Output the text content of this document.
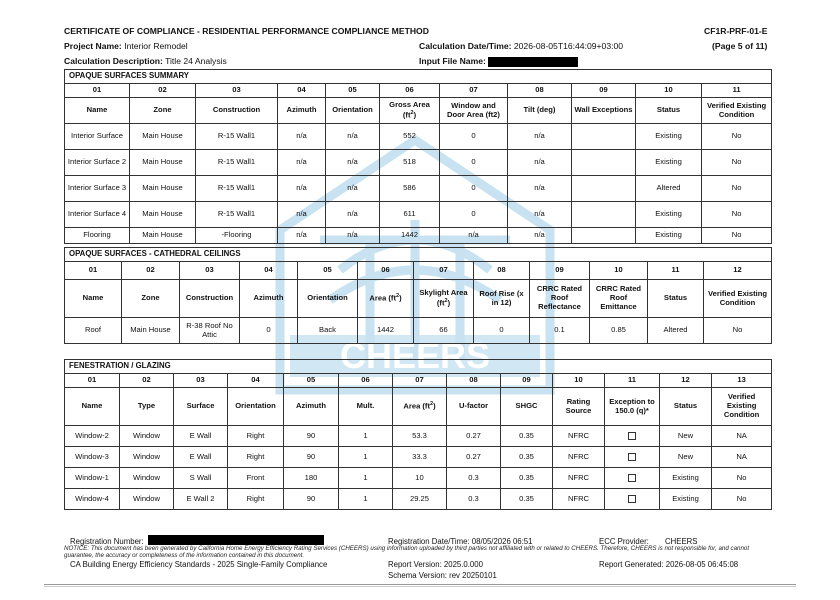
CHEERS
CERTIFICATE OF COMPLIANCE - RESIDENTIAL PERFORMANCE COMPLIANCE METHOD	CF1R-PRF-01-E
Project Name: Interior Remodel	Calculation Date/Time: 2026-08-05T16:44:09+03:00	(Page 5 of 11)
Calculation Description: Title 24 Analysis	Input File Name:
OPAQUE SURFACES SUMMARY										
01	02	03	04	05	06	07	08	09	10	11
Name	Zone	Construction	Azimuth	Orientation	Gross Area $(ft^2)$	Window and Door Area (ft2)	Tilt (deg)	Wall Exceptions	Status	Verified Existing Condition
Interior Surface	Main House	R-15 Wall1	n/a	n/a	552	0	n/a		Existing	No
Interior Surface 2	Main House	R-15 Wall1	n/a	n/a	518	0	n/a		Existing	No
Interior Surface 3	Main House	R-15 Wall1	n/a	n/a	586	0	n/a		Altered	No
Interior Surface 4	Main House	R-15 Wall1	n/a	n/a	611	0	n/a		Existing	No
Flooring	Main House	-Flooring	n/a	n/a	1442	n/a	n/a		Existing	No
OPAQUE SURFACES - CATHEDRAL CEILINGS											
01	02	03	04	05	06	07	08	09	10	11	12
Name	Zone	Construction	Azimuth	Orientation	Area $(ft^2)$	Skylight Area $(ft^2)$	Roof Rise (x in 12)	CRRC Rated Roof Reflectance	CRRC Rated Roof Emittance	Status	Verified Existing Condition
Roof	Main House	R-38 Roof No Attic	0	Back	1442	66	0	0.1	0.85	Altered	No
FENESTRATION / GLAZING												
01	02	03	04	05	06	07	08	09	10	11	12	13
Name	Type	Surface	Orientation	Azimuth	Mult.	Area $(ft^2)$	U-factor	SHGC	Rating Source	Exception to 150.0 (q)*	Status	Verified Existing Condition
Window-2	Window	E Wall	Right	90	1	53.3	0.27	0.35	NFRC		New	NA
Window-3	Window	E Wall	Right	90	1	33.3	0.27	0.35	NFRC		New	NA
Window-1	Window	S Wall	Front	180	1	10	0.3	0.35	NFRC		Existing	No
Window-4	Window	E Wall 2	Right	90	1	29.25	0.3	0.35	NFRC		Existing	No
Registration Number:	Registration Date/Time: 08/05/2026 06:51	ECC Provider: CHEERS
NOTICE: This document has been generated by California Home Energy Efficiency Rating Services (CHEERS) using information uploaded by third parties not affiliated with or related to CHEERS. Therefore, CHEERS is not responsible for, and cannot guarantee, the accuracy or completeness of the information contained in this document.
CA Building Energy Efficiency Standards - 2025 Single-Family Compliance	Report Version: 2025.0.000	Report Generated: 2026-08-05 06:45:08
Schema Version: rev 20250101
